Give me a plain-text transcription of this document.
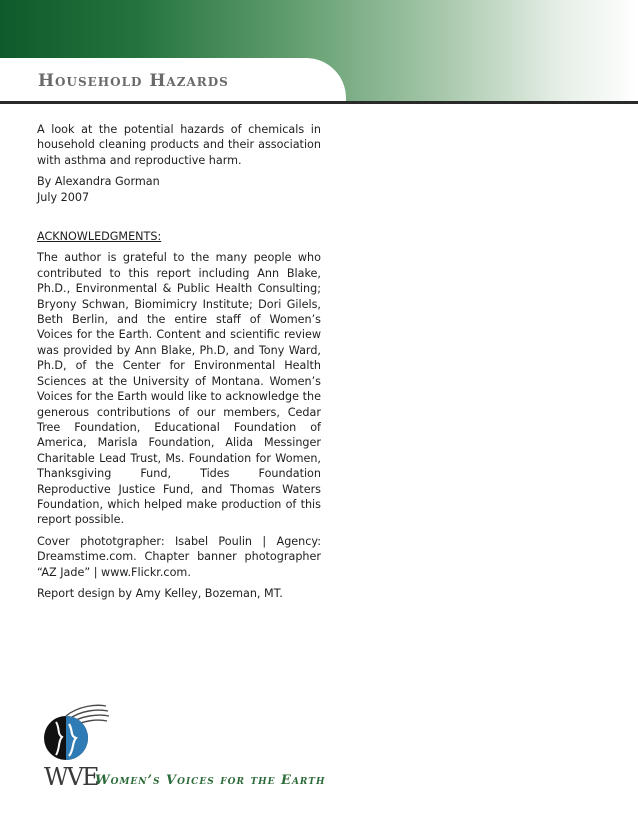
Household Hazards

A look at the potential hazards of chemicals in household cleaning products and their association with asthma and reproductive harm.

By Alexandra Gorman
July 2007

ACKNOWLEDGMENTS:

The author is grateful to the many people who contributed to this report including Ann Blake, Ph.D., Environmental & Public Health Consulting; Bryony Schwan, Biomimicry Institute; Dori Gilels, Beth Berlin, and the entire staff of Women’s Voices for the Earth. Content and scientific review was provided by Ann Blake, Ph.D, and Tony Ward, Ph.D, of the Center for Environmental Health Sciences at the University of Montana. Women’s Voices for the Earth would like to acknowledge the generous contributions of our members, Cedar Tree Foundation, Educational Foundation of America, Marisla Foundation, Alida Messinger Charitable Lead Trust, Ms. Foundation for Women, Thanksgiving Fund, Tides Foundation Reproductive Justice Fund, and Thomas Waters Foundation, which helped make production of this report possible.

Cover phototgrapher: Isabel Poulin | Agency: Dreamstime.com. Chapter banner photographer “AZ Jade” | www.Flickr.com.

Report design by Amy Kelley, Bozeman, MT.

WVE
Women’s Voices for the Earth
